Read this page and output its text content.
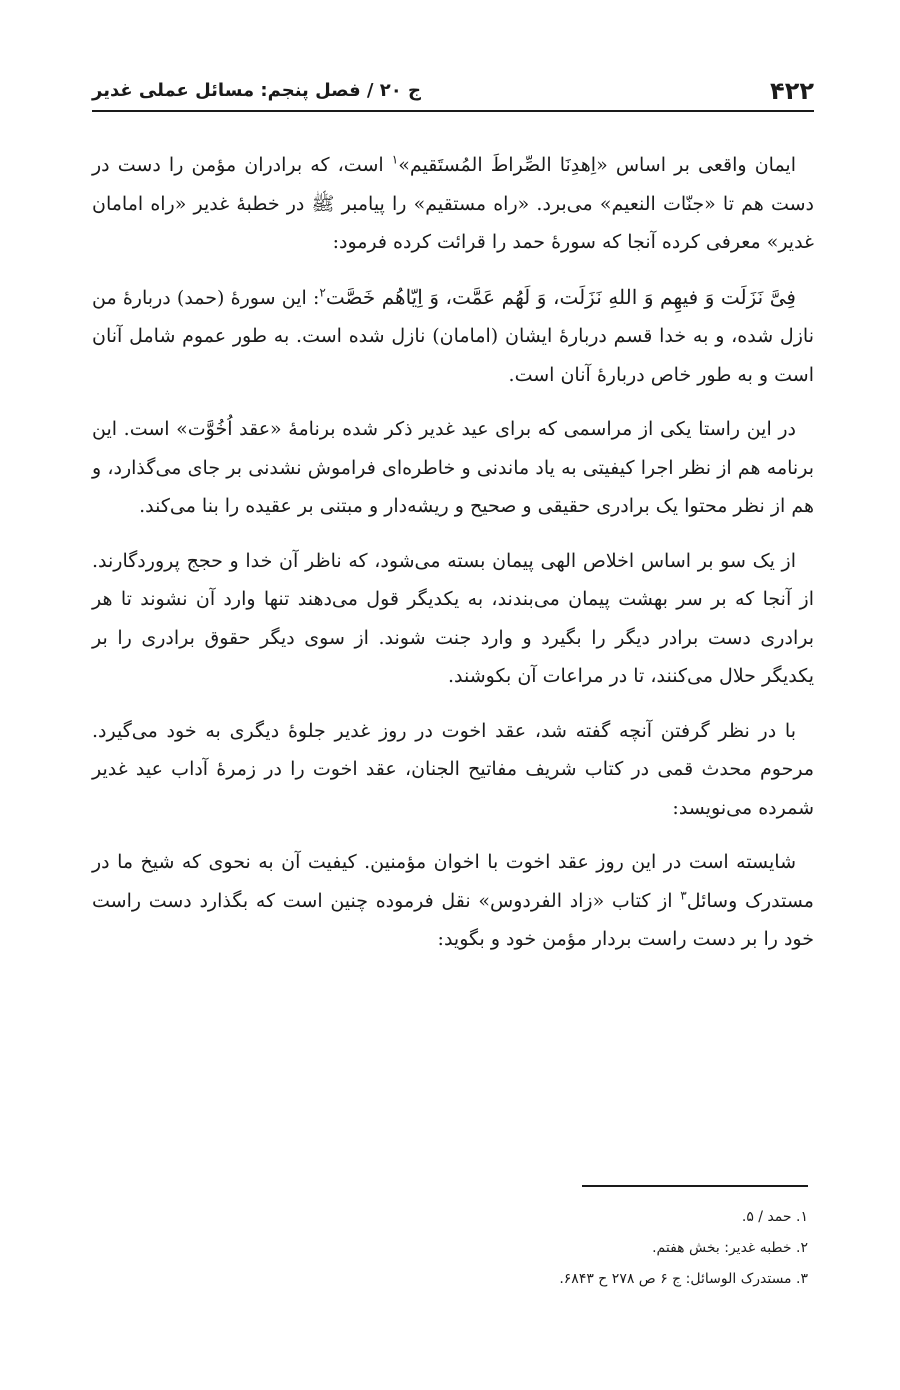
۴۲۲
ج ۲۰ / فصل پنجم: مسائل عملی غدیر

ایمان واقعی بر اساس «اِهدِنَا الصِّراطَ المُستَقیم»$^۱$ است، که برادران مؤمن را دست در دست هم تا «جنّات النعیم» می‌برد. «راه مستقیم» را پیامبر ﷺ در خطبهٔ غدیر «راه امامان غدیر» معرفی کرده آنجا که سورهٔ حمد را قرائت کرده فرمود:

فِیَّ نَزَلَت وَ فیهِم وَ اللهِ نَزَلَت، وَ لَهُم عَمَّت، وَ اِیّاهُم خَصَّت$^۲$: این سورهٔ (حمد) دربارهٔ من نازل شده، و به خدا قسم دربارهٔ ایشان (امامان) نازل شده است. به طور عموم شامل آنان است و به طور خاص دربارهٔ آنان است.

در این راستا یکی از مراسمی که برای عید غدیر ذکر شده برنامهٔ «عقد اُخُوَّت» است. این برنامه هم از نظر اجرا کیفیتی به یاد ماندنی و خاطره‌ای فراموش نشدنی بر جای می‌گذارد، و هم از نظر محتوا یک برادری حقیقی و صحیح و ریشه‌دار و مبتنی بر عقیده را بنا می‌کند.

از یک سو بر اساس اخلاص الهی پیمان بسته می‌شود، که ناظر آن خدا و حجج پروردگارند. از آنجا که بر سر بهشت پیمان می‌بندند، به یکدیگر قول می‌دهند تنها وارد آن نشوند تا هر برادری دست برادر دیگر را بگیرد و وارد جنت شوند. از سوی دیگر حقوق برادری را بر یکدیگر حلال می‌کنند، تا در مراعات آن بکوشند.

با در نظر گرفتن آنچه گفته شد، عقد اخوت در روز غدیر جلوهٔ دیگری به خود می‌گیرد. مرحوم محدث قمی در کتاب شریف مفاتیح الجنان، عقد اخوت را در زمرهٔ آداب عید غدیر شمرده می‌نویسد:

شایسته است در این روز عقد اخوت با اخوان مؤمنین. کیفیت آن به نحوی که شیخ ما در مستدرک وسائل$^۳$ از کتاب «زاد الفردوس» نقل فرموده چنین است که بگذارد دست راست خود را بر دست راست بردار مؤمن خود و بگوید:

۱. حمد / ۵.

۲. خطبه غدیر: بخش هفتم.

۳. مستدرک الوسائل: ج ۶ ص ۲۷۸ ح ۶۸۴۳.
